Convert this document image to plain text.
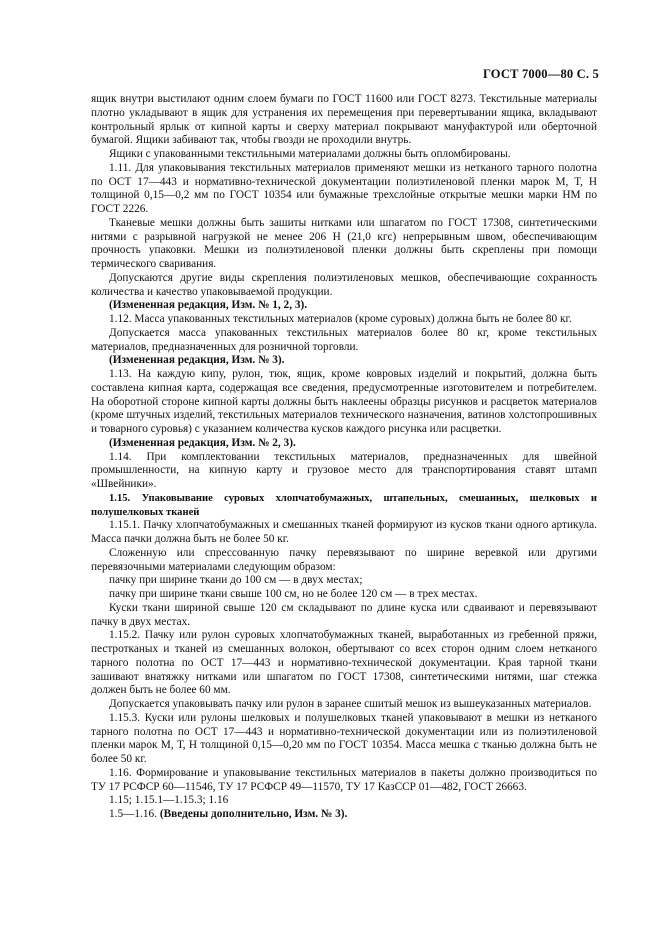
ГОСТ 7000—80 С. 5

ящик внутри выстилают одним слоем бумаги по ГОСТ 11600 или ГОСТ 8273. Текстильные материалы плотно укладывают в ящик для устранения их перемещения при перевертывании ящика, вкладывают контрольный ярлык от кипной карты и сверху материал покрывают мануфактурой или оберточной бумагой. Ящики забивают так, чтобы гвозди не проходили внутрь.

Ящики с упакованными текстильными материалами должны быть опломбированы.

1.11. Для упаковывания текстильных материалов применяют мешки из нетканого тарного полотна по ОСТ 17—443 и нормативно-технической документации полиэтиленовой пленки марок М, Т, Н толщиной 0,15—0,2 мм по ГОСТ 10354 или бумажные трехслойные открытые мешки марки НМ по ГОСТ 2226.

Тканевые мешки должны быть зашиты нитками или шпагатом по ГОСТ 17308, синтетическими нитями с разрывной нагрузкой не менее 206 Н (21,0 кгс) непрерывным швом, обеспечивающим прочность упаковки. Мешки из полиэтиленовой пленки должны быть скреплены при помощи термического сваривания.

Допускаются другие виды скрепления полиэтиленовых мешков, обеспечивающие сохранность количества и качество упаковываемой продукции.

(Измененная редакция, Изм. № 1, 2, 3).

1.12. Масса упакованных текстильных материалов (кроме суровых) должна быть не более 80 кг.

Допускается масса упакованных текстильных материалов более 80 кг, кроме текстильных материалов, предназначенных для розничной торговли.

(Измененная редакция, Изм. № 3).

1.13. На каждую кипу, рулон, тюк, ящик, кроме ковровых изделий и покрытий, должна быть составлена кипная карта, содержащая все сведения, предусмотренные изготовителем и потребителем. На оборотной стороне кипной карты должны быть наклеены образцы рисунков и расцветок материалов (кроме штучных изделий, текстильных материалов технического назначения, ватинов холстопрошивных и товарного суровья) с указанием количества кусков каждого рисунка или расцветки.

(Измененная редакция, Изм. № 2, 3).

1.14. При комплектовании текстильных материалов, предназначенных для швейной промышленности, на кипную карту и грузовое место для транспортирования ставят штамп «Швейники».

1.15. Упаковывание суровых хлопчатобумажных, штапельных, смешанных, шелковых и полушелковых тканей

1.15.1. Пачку хлопчатобумажных и смешанных тканей формируют из кусков ткани одного артикула. Масса пачки должна быть не более 50 кг.

Сложенную или спрессованную пачку перевязывают по ширине веревкой или другими перевязочными материалами следующим образом:

пачку при ширине ткани до 100 см — в двух местах;

пачку при ширине ткани свыше 100 см, но не более 120 см — в трех местах.

Куски ткани шириной свыше 120 см складывают по длине куска или сдваивают и перевязывают пачку в двух местах.

1.15.2. Пачку или рулон суровых хлопчатобумажных тканей, выработанных из гребенной пряжи, пестротканых и тканей из смешанных волокон, обертывают со всех сторон одним слоем нетканого тарного полотна по ОСТ 17—443 и нормативно-технической документации. Края тарной ткани зашивают внатяжку нитками или шпагатом по ГОСТ 17308, синтетическими нитями, шаг стежка должен быть не более 60 мм.

Допускается упаковывать пачку или рулон в заранее сшитый мешок из вышеуказанных материалов.

1.15.3. Куски или рулоны шелковых и полушелковых тканей упаковывают в мешки из нетканого тарного полотна по ОСТ 17—443 и нормативно-технической документации или из полиэтиленовой пленки марок М, Т, Н толщиной 0,15—0,20 мм по ГОСТ 10354. Масса мешка с тканью должна быть не более 50 кг.

1.16. Формирование и упаковывание текстильных материалов в пакеты должно производиться по ТУ 17 РСФСР 60—11546, ТУ 17 РСФСР 49—11570, ТУ 17 КазССР 01—482, ГОСТ 26663.

1.15; 1.15.1—1.15.3; 1.16

1.5—1.16. (Введены дополнительно, Изм. № 3).
